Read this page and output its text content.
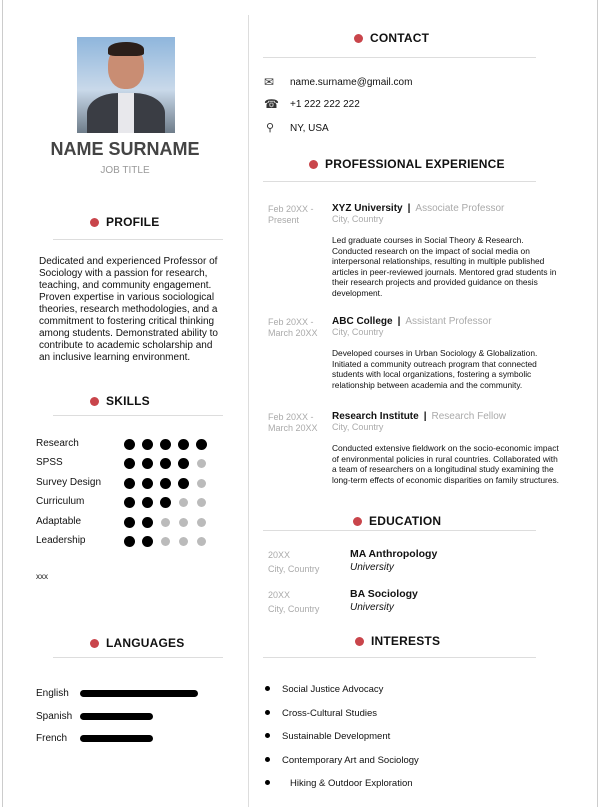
NAME SURNAME
JOB TITLE
PROFILE
Dedicated and experienced Professor of Sociology with a passion for research, teaching, and community engagement. Proven expertise in various sociological theories, research methodologies, and a commitment to fostering critical thinking among students. Demonstrated ability to contribute to academic scholarship and an inclusive learning environment.
SKILLS
Research
SPSS
Survey Design
Curriculum
Adaptable
Leadership
xxx
LANGUAGES
English
Spanish
French
CONTACT
✉ name.surname@gmail.com
☎ +1 222 222 222
⚲ NY, USA
PROFESSIONAL EXPERIENCE
Feb 20XX -
Present
XYZ University | Associate Professor
City, Country
Led graduate courses in Social Theory & Research. Conducted research on the impact of social media on interpersonal relationships, resulting in multiple published articles in peer-reviewed journals. Mentored grad students in their research projects and provided guidance on thesis development.
Feb 20XX -
March 20XX
ABC College | Assistant Professor
City, Country
Developed courses in Urban Sociology & Globalization. Initiated a community outreach program that connected students with local organizations, fostering a symbolic relationship between academia and the community.
Feb 20XX -
March 20XX
Research Institute | Research Fellow
City, Country
Conducted extensive fieldwork on the socio-economic impact of environmental policies in rural countries. Collaborated with a team of researchers on a longitudinal study examining the long-term effects of economic disparities on family structures.
EDUCATION
20XX
City, Country
MA Anthropology
University
20XX
City, Country
BA Sociology
University
INTERESTS
Social Justice Advocacy
Cross-Cultural Studies
Sustainable Development
Contemporary Art and Sociology
Hiking & Outdoor Exploration
